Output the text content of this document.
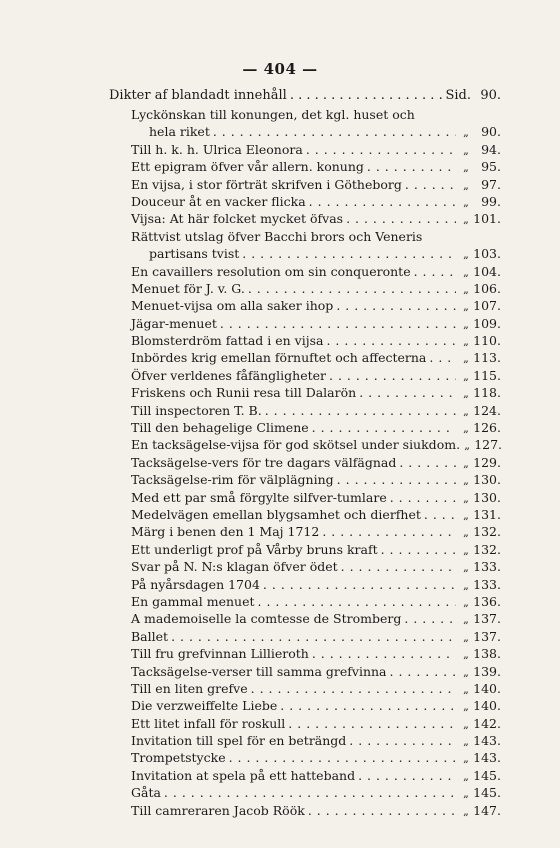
— 404 —
Dikter af blandadt innehåll . . .	Sid. 90.
Lyckönskan till konungen, det kgl. huset och
hela riket . . .	„ 90.
Till h. k. h. Ulrica Eleonora . . .	„ 94.
Ett epigram öfver vår allern. konung . . .	„ 95.
En vijsa, i stor förträt skrifven i Götheborg . . .	„ 97.
Douceur åt en vacker flicka . . .	„ 99.
Vijsa: At här folcket mycket öfvas . . .	„ 101.
Rättvist utslag öfver Bacchi brors och Veneris
partisans tvist . . .	„ 103.
En cavaillers resolution om sin conqueronte . . .	„ 104.
Menuet för J. v. G. . . .	„ 106.
Menuet-vijsa om alla saker ihop . . .	„ 107.
Jägar-menuet . . .	„ 109.
Blomsterdröm fattad i en vijsa . . .	„ 110.
Inbördes krig emellan förnuftet och affecterna . . .	„ 113.
Öfver verldenes fåfängligheter . . .	„ 115.
Friskens och Runii resa till Dalarön . . .	„ 118.
Till inspectoren T. B. . . .	„ 124.
Till den behagelige Climene . . .	„ 126.
En tacksägelse-vijsa för god skötsel under siukdom. „ 127.
Tacksägelse-vers för tre dagars välfägnad . . .	„ 129.
Tacksägelse-rim för välplägning . . .	„ 130.
Med ett par små förgylte silfver-tumlare . . .	„ 130.
Medelvägen emellan blygsamhet och dierfhet . . .	„ 131.
Märg i benen den 1 Maj 1712 . . .	„ 132.
Ett underligt prof på Vårby bruns kraft . . .	„ 132.
Svar på N. N:s klagan öfver ödet . . .	„ 133.
På nyårsdagen 1704 . . .	„ 133.
En gammal menuet . . .	„ 136.
A mademoiselle la comtesse de Stromberg . . .	„ 137.
Ballet . . .	„ 137.
Till fru grefvinnan Lillieroth . . .	„ 138.
Tacksägelse-verser till samma grefvinna . . .	„ 139.
Till en liten grefve . . .	„ 140.
Die verzweiffelte Liebe . . .	„ 140.
Ett litet infall för roskull . . .	„ 142.
Invitation till spel för en beträngd . . .	„ 143.
Trompetstycke . . .	„ 143.
Invitation at spela på ett hatteband . . .	„ 145.
Gåta . . .	„ 145.
Till camreraren Jacob Röök . . .	„ 147.
